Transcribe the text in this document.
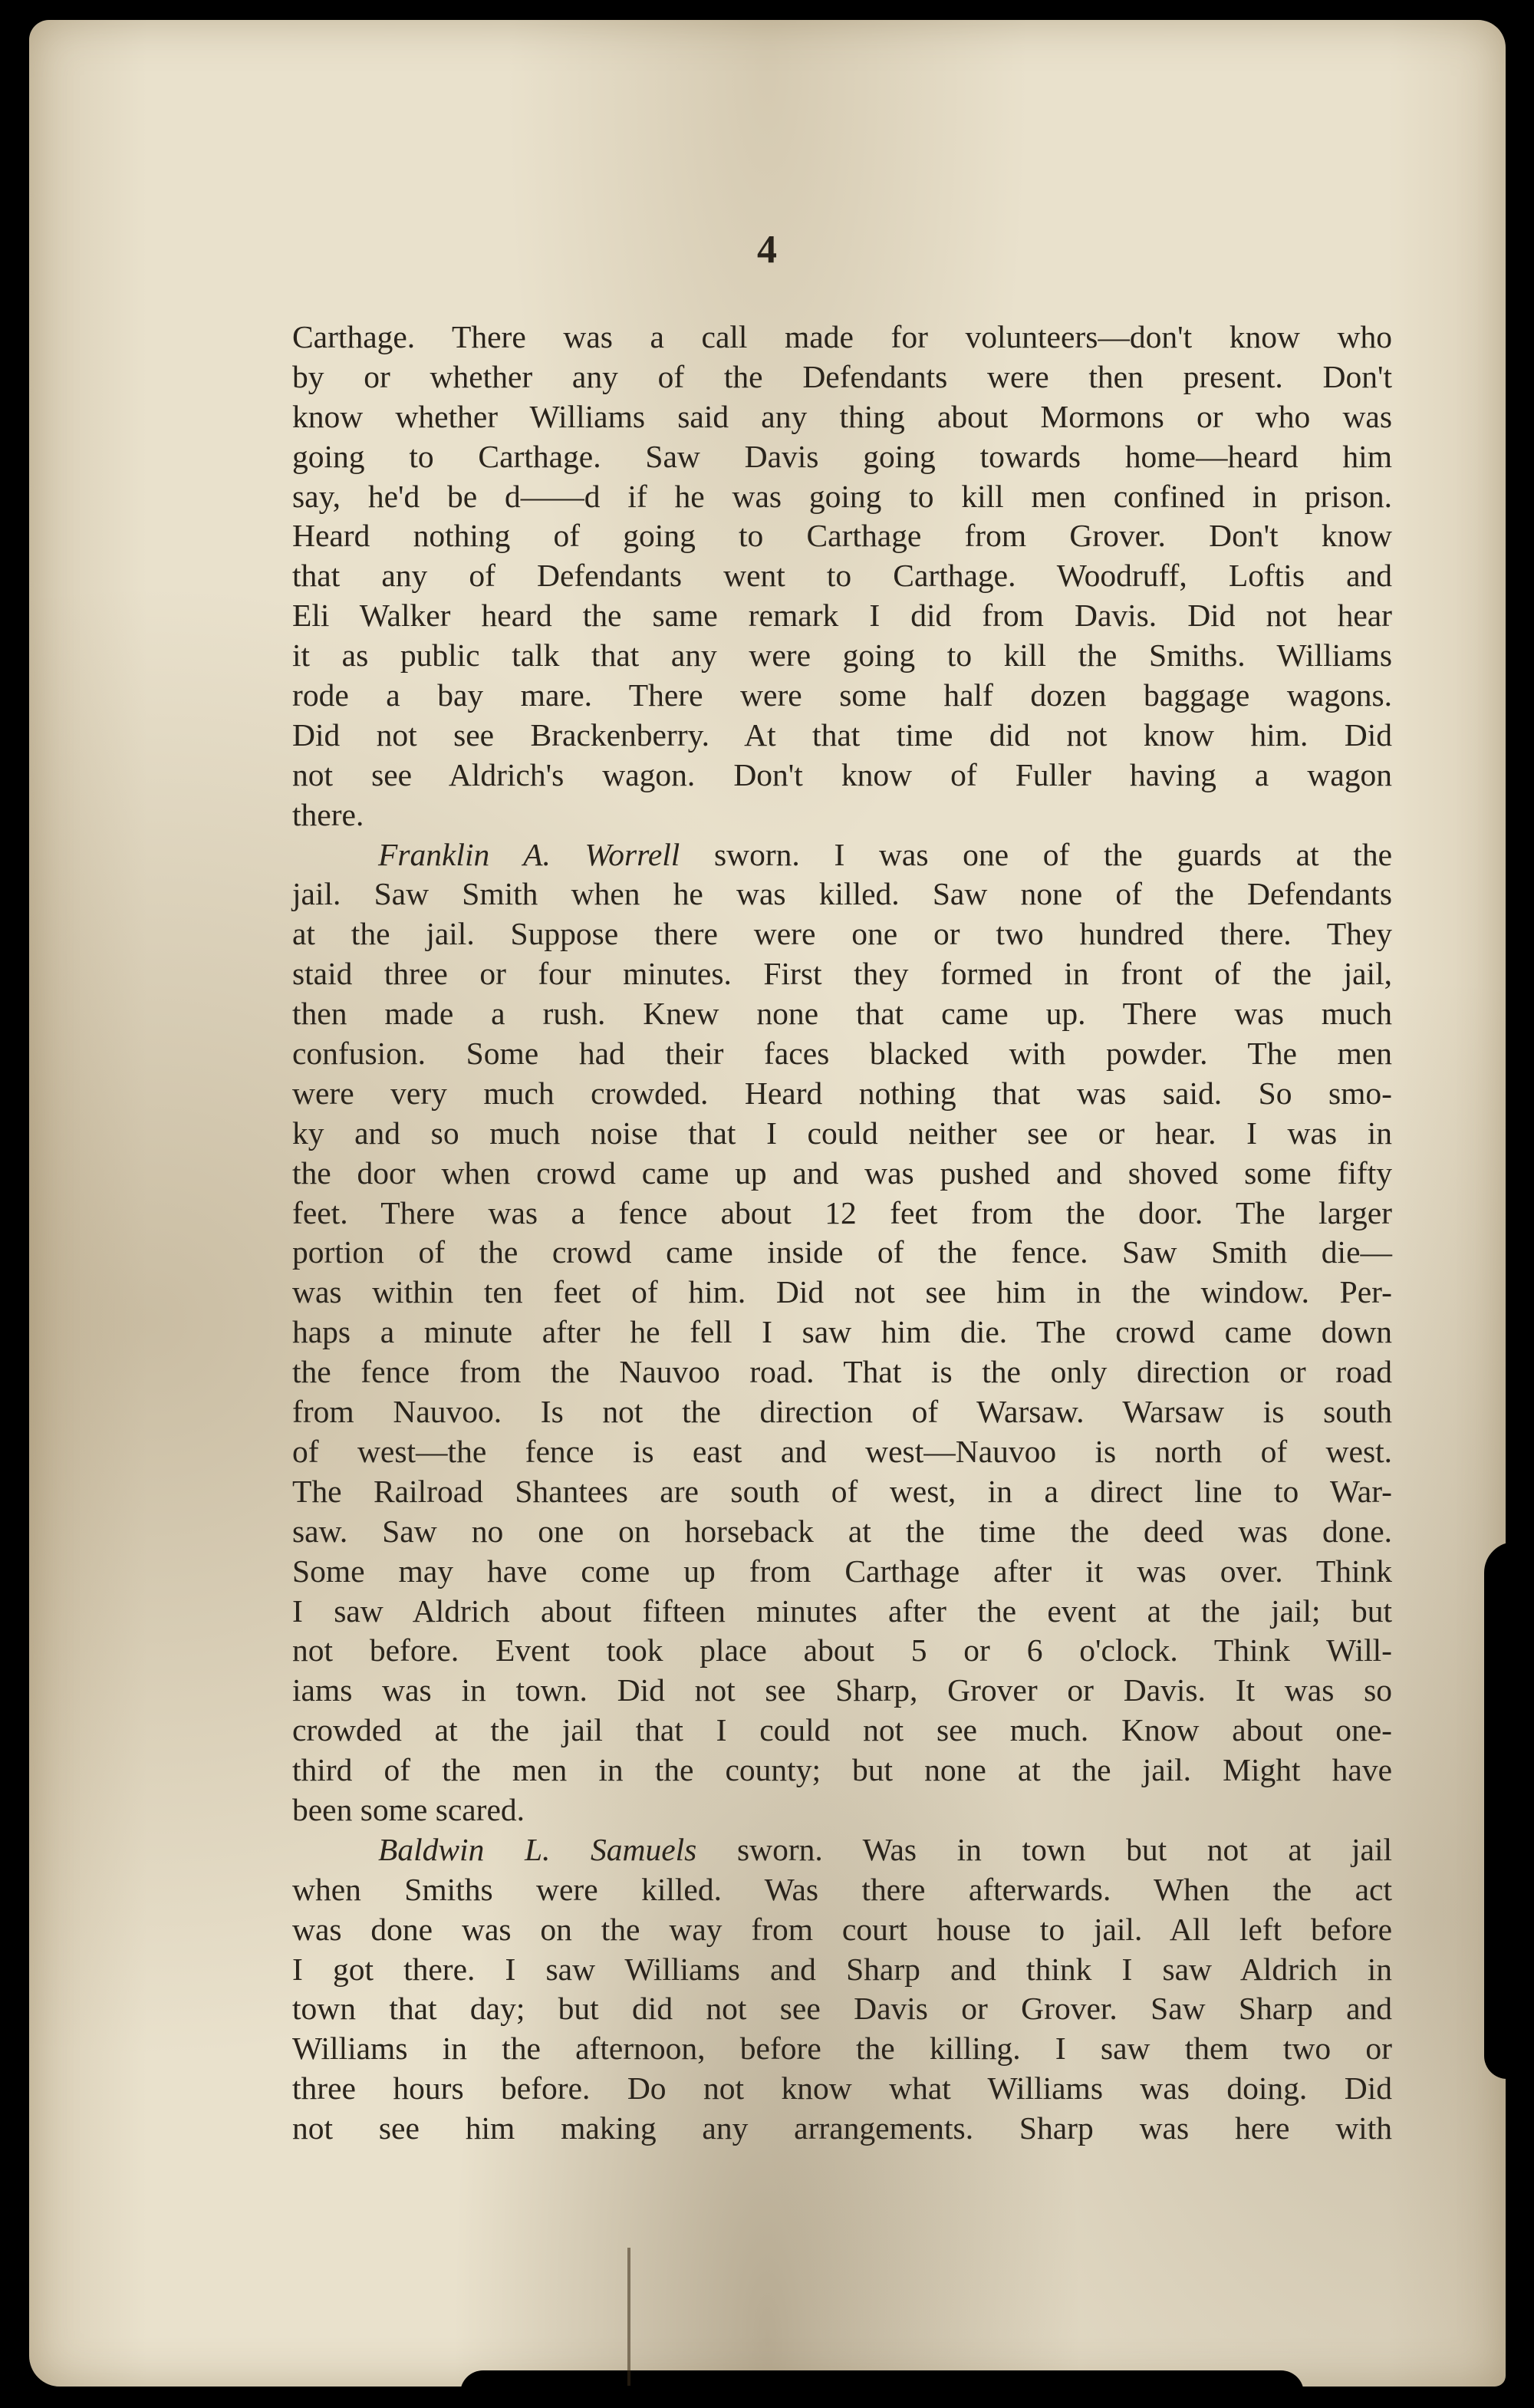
4
Carthage. There was a call made for volunteers—don't know who
by or whether any of the Defendants were then present. Don't
know whether Williams said any thing about Mormons or who was
going to Carthage. Saw Davis going towards home—heard him
say, he'd be d——d if he was going to kill men confined in prison.
Heard nothing of going to Carthage from Grover. Don't know
that any of Defendants went to Carthage. Woodruff, Loftis and
Eli Walker heard the same remark I did from Davis. Did not hear
it as public talk that any were going to kill the Smiths. Williams
rode a bay mare. There were some half dozen baggage wagons.
Did not see Brackenberry. At that time did not know him. Did
not see Aldrich's wagon. Don't know of Fuller having a wagon
there.
Franklin A. Worrell sworn. I was one of the guards at the
jail. Saw Smith when he was killed. Saw none of the Defendants
at the jail. Suppose there were one or two hundred there. They
staid three or four minutes. First they formed in front of the jail,
then made a rush. Knew none that came up. There was much
confusion. Some had their faces blacked with powder. The men
were very much crowded. Heard nothing that was said. So smo-
ky and so much noise that I could neither see or hear. I was in
the door when crowd came up and was pushed and shoved some fifty
feet. There was a fence about 12 feet from the door. The larger
portion of the crowd came inside of the fence. Saw Smith die—
was within ten feet of him. Did not see him in the window. Per-
haps a minute after he fell I saw him die. The crowd came down
the fence from the Nauvoo road. That is the only direction or road
from Nauvoo. Is not the direction of Warsaw. Warsaw is south
of west—the fence is east and west—Nauvoo is north of west.
The Railroad Shantees are south of west, in a direct line to War-
saw. Saw no one on horseback at the time the deed was done.
Some may have come up from Carthage after it was over. Think
I saw Aldrich about fifteen minutes after the event at the jail; but
not before. Event took place about 5 or 6 o'clock. Think Will-
iams was in town. Did not see Sharp, Grover or Davis. It was so
crowded at the jail that I could not see much. Know about one-
third of the men in the county; but none at the jail. Might have
been some scared.
Baldwin L. Samuels sworn. Was in town but not at jail
when Smiths were killed. Was there afterwards. When the act
was done was on the way from court house to jail. All left before
I got there. I saw Williams and Sharp and think I saw Aldrich in
town that day; but did not see Davis or Grover. Saw Sharp and
Williams in the afternoon, before the killing. I saw them two or
three hours before. Do not know what Williams was doing. Did
not see him making any arrangements. Sharp was here with
